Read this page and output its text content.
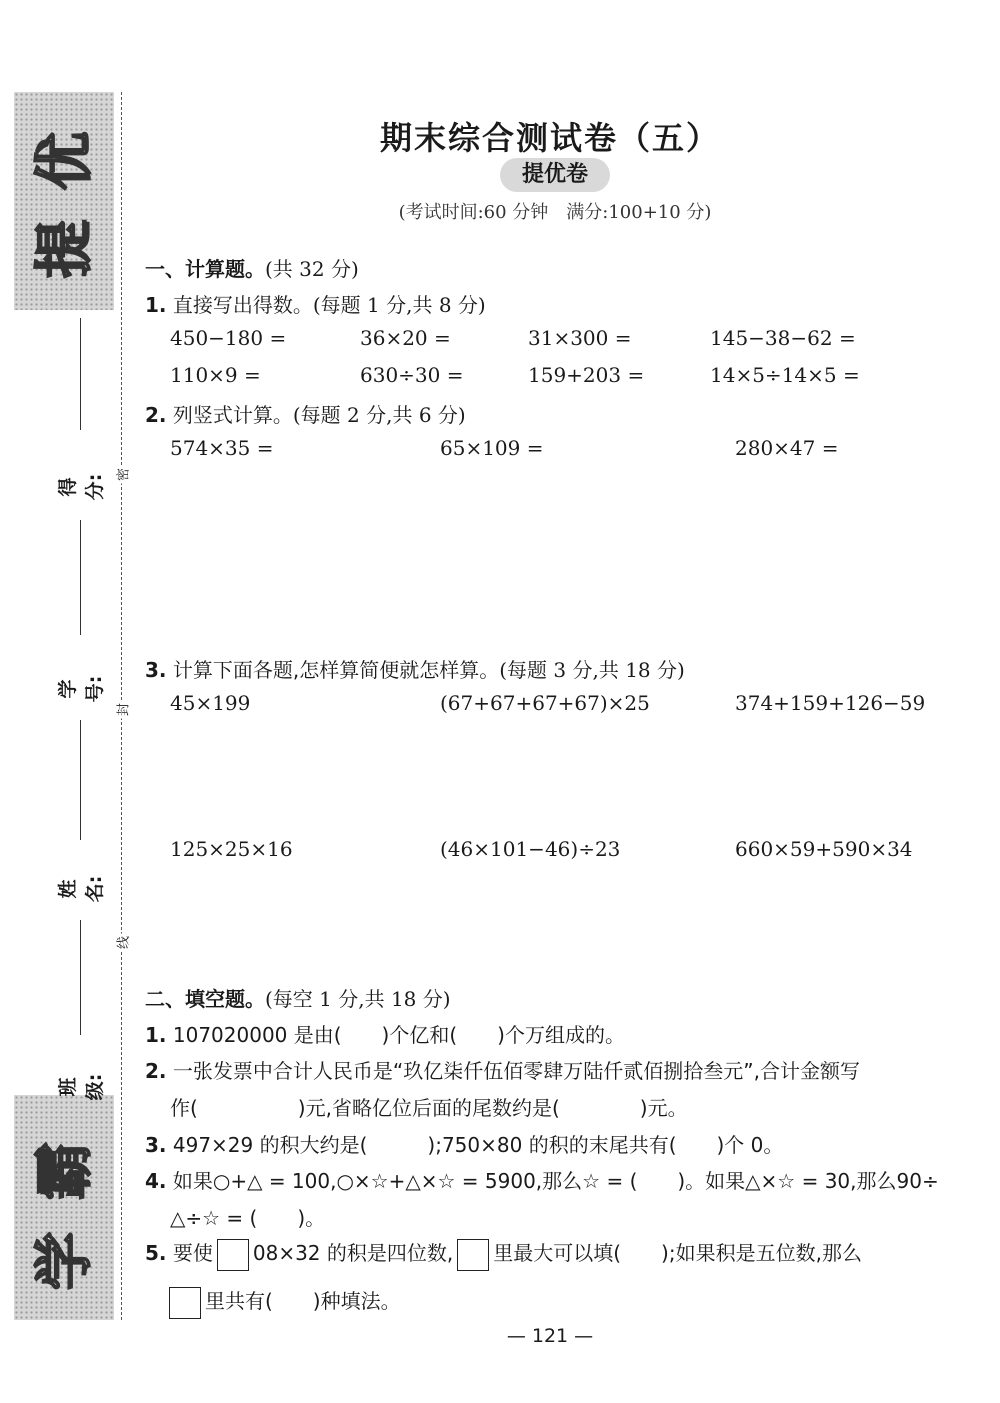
提
优
学
霸
得分:
学号:
姓名:
班级:
密
封
线
期末综合测试卷（五）
提优卷
(考试时间:60 分钟　满分:100+10 分)
一、计算题。(共 32 分)
1. 直接写出得数。(每题 1 分,共 8 分)
450−180 =	36×20 =	31×300 =	145−38−62 =
110×9 =	630÷30 =	159+203 =	14×5÷14×5 =
2. 列竖式计算。(每题 2 分,共 6 分)
574×35 =	65×109 =	280×47 =
3. 计算下面各题,怎样算简便就怎样算。(每题 3 分,共 18 分)
45×199	(67+67+67+67)×25	374+159+126−59
125×25×16	(46×101−46)÷23	660×59+590×34
二、填空题。(每空 1 分,共 18 分)
1. 107020000 是由(　　)个亿和(　　)个万组成的。
2. 一张发票中合计人民币是“玖亿柒仟伍佰零肆万陆仟贰佰捌拾叁元”,合计金额写
作(　　　　　)元,省略亿位后面的尾数约是(　　　　)元。
3. 497×29 的积大约是(　　　);750×80 的积的末尾共有(　　)个 0。
4. 如果○+△ = 100,○×☆+△×☆ = 5900,那么☆ = (　　)。如果△×☆ = 30,那么90÷
△÷☆ = (　　)。
5. 要使 08×32 的积是四位数, 里最大可以填(　　);如果积是五位数,那么
里共有(　　)种填法。
— 121 —
